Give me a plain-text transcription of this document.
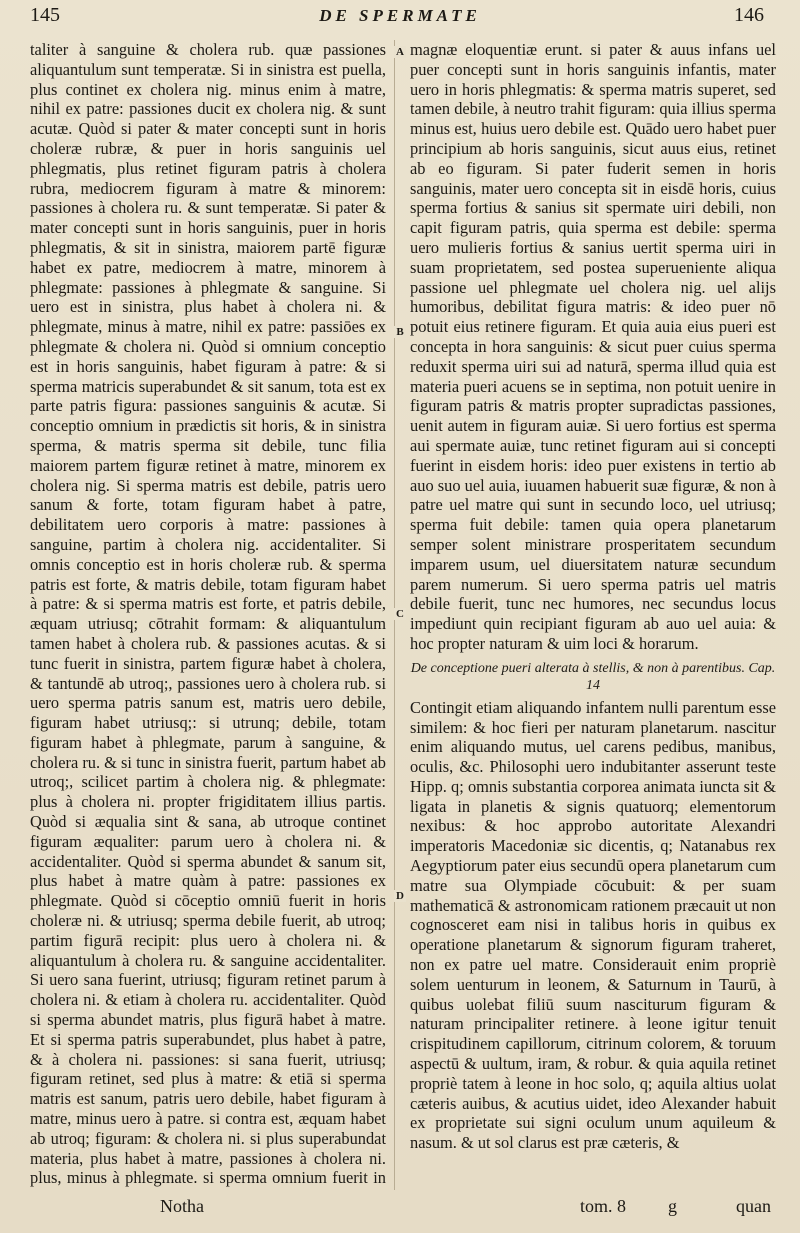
145	DE SPERMATE	146

taliter à sanguine & cholera rub. quæ passiones aliquantulum sunt temperatæ. Si in sinistra est puella, plus continet ex cholera nig. minus enim à matre, nihil ex patre: passiones ducit ex cholera nig. & sunt acutæ. Quòd si pater & mater concepti sunt in horis choleræ rubræ, & puer in horis sanguinis uel phlegmatis, plus retinet figuram patris à cholera rubra, mediocrem figuram à matre & minorem: passiones à cholera ru. & sunt temperatæ. Si pater & mater concepti sunt in horis sanguinis, puer in horis phlegmatis, & sit in sinistra, maiorem partē figuræ habet ex patre, mediocrem à matre, minorem à phlegmate: passiones à phlegmate & sanguine. Si uero est in sinistra, plus habet à cholera ni. & phlegmate, minus à matre, nihil ex patre: passiōes ex phlegmate & cholera ni. Quòd si omnium conceptio est in horis sanguinis, habet figuram à patre: & si sperma matricis superabundet & sit sanum, tota est ex parte patris figura: passiones sanguinis & acutæ. Si conceptio omnium in prædictis sit horis, & in sinistra sperma, & matris sperma sit debile, tunc filia maiorem partem figuræ retinet à matre, minorem ex cholera nig. Si sperma matris est debile, patris uero sanum & forte, totam figuram habet à patre, debilitatem uero corporis à matre: passiones à sanguine, partim à cholera nig. accidentaliter. Si omnis conceptio est in horis choleræ rub. & sperma patris est forte, & matris debile, totam figuram habet à patre: & si sperma matris est forte, et patris debile, æquam utriusq; cōtrahit formam: & aliquantulum tamen habet à cholera rub. & passiones acutas. & si tunc fuerit in sinistra, partem figuræ habet à cholera, & tantundē ab utroq;, passiones uero à cholera rub. si uero sperma patris sanum est, matris uero debile, figuram habet utriusq;: si utrunq; debile, totam figuram habet à phlegmate, parum à sanguine, & cholera ru. & si tunc in sinistra fuerit, partum habet ab utroq;, scilicet partim à cholera nig. & phlegmate: plus à cholera ni. propter frigiditatem illius partis. Quòd si æqualia sint & sana, ab utroque continet figuram æqualiter: parum uero à cholera ni. & accidentaliter. Quòd si sperma abundet & sanum sit, plus habet à matre quàm à patre: passiones ex phlegmate. Quòd si cōceptio omniū fuerit in horis choleræ ni. & utriusq; sperma debile fuerit, ab utroq; partim figurā recipit: plus uero à cholera ni. & aliquantulum à cholera ru. & sanguine accidentaliter. Si uero sana fuerint, utriusq; figuram retinet parum à cholera ni. & etiam à cholera ru. accidentaliter. Quòd si sperma abundet matris, plus figurā habet à matre. Et si sperma patris superabundet, plus habet à patre, & à cholera ni. passiones: si sana fuerit, utriusq; figuram retinet, sed plus à matre: & etiā si sperma matris est sanum, patris uero debile, habet figuram à matre, minus uero à patre. si contra est, æquam habet ab utroq; figuram: & cholera ni. si plus superabundat materia, plus habet à matre, passiones à cholera ni. plus, minus à phlegmate. si sperma omnium fuerit in

A
B
C
D

magnæ eloquentiæ erunt. si pater & auus infans uel puer concepti sunt in horis sanguinis infantis, mater uero in horis phlegmatis: & sperma matris superet, sed tamen debile, à neutro trahit figuram: quia illius sperma minus est, huius uero debile est. Quādo uero habet puer principium ab horis sanguinis, sicut auus eius, retinet ab eo figuram. Si pater fuderit semen in horis sanguinis, mater uero concepta sit in eisdē horis, cuius sperma fortius & sanius sit spermate uiri debili, non capit figuram patris, quia sperma est debile: sperma uero mulieris fortius & sanius uertit sperma uiri in suam proprietatem, sed postea superueniente aliqua passione uel phlegmate uel cholera nig. uel alijs humoribus, debilitat figura matris: & ideo puer nō potuit eius retinere figuram. Et quia auia eius pueri est concepta in hora sanguinis: & sicut puer cuius sperma reduxit sperma uiri sui ad naturā, sperma illud quia est materia pueri acuens se in septima, non potuit uenire in figuram patris & matris propter supradictas passiones, uenit autem in figuram auiæ. Si uero fortius est sperma aui spermate auiæ, tunc retinet figuram aui si concepti fuerint in eisdem horis: ideo puer existens in tertio ab auo suo uel auia, iuuamen habuerit suæ figuræ, & non à patre uel matre qui sunt in secundo loco, uel utriusq; sperma fuit debile: tamen quia opera planetarum semper solent ministrare prosperitatem secundum imparem usum, uel diuersitatem naturæ secundum parem numerum. Si uero sperma patris uel matris debile fuerit, tunc nec humores, nec secundus locus impediunt quin recipiant figuram ab auo uel auia: & hoc propter naturam & uim loci & horarum.

De conceptione pueri alterata à stellis, & non à parentibus. Cap. 14

Contingit etiam aliquando infantem nulli parentum esse similem: & hoc fieri per naturam planetarum. nascitur enim aliquando mutus, uel carens pedibus, manibus, oculis, &c. Philosophi uero indubitanter asserunt teste Hipp. q; omnis substantia corporea animata iuncta sit & ligata in planetis & signis quatuorq; elementorum nexibus: & hoc approbo autoritate Alexandri imperatoris Macedoniæ sic dicentis, q; Natanabus rex Aegyptiorum pater eius secundū opera planetarum cum matre sua Olympiade cōcubuit: & per suam mathematicā & astronomicam rationem præcauit ut non cognosceret eam nisi in talibus horis in quibus ex operatione planetarum & signorum figuram traheret, non ex patre uel matre. Considerauit enim propriè solem uenturum in leonem, & Saturnum in Taurū, à quibus uolebat filiū suum nasciturum figuram & naturam principaliter retinere. à leone igitur tenuit crispitudinem capillorum, citrinum colorem, & toruum aspectū & uultum, iram, & robur. & quia aquila retinet propriè tatem à leone in hoc solo, q; aquila altius uolat cæteris auibus, & acutius uidet, ideo Alexander habuit ex proprietate sui signi oculum unum aquileum & nasum. & ut sol clarus est præ cæteris, &

Notha	tom. 8 g	quan
